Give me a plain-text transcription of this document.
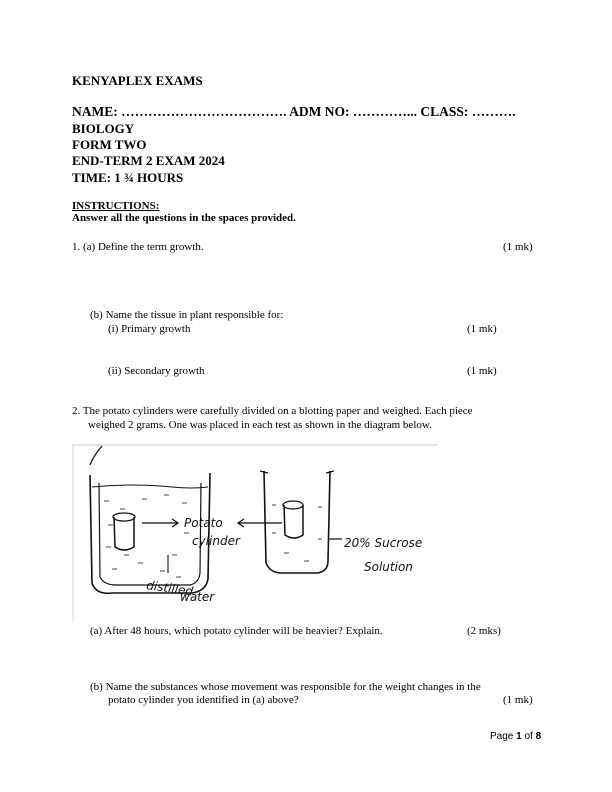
KENYAPLEX EXAMS
NAME: ………………………………. ADM NO: …………... CLASS: ……….
BIOLOGY
FORM TWO
END-TERM 2 EXAM 2024
TIME: 1 ¾ HOURS
INSTRUCTIONS:
Answer all the questions in the spaces provided.
1. (a) Define the term growth.	(1 mk)
(b) Name the tissue in plant responsible for:
(i) Primary growth	(1 mk)
(ii) Secondary growth	(1 mk)
2. The potato cylinders were carefully divided on a blotting paper and weighed. Each piece
weighed 2 grams. One was placed in each test as shown in the diagram below.
Potato
cylinder
distilled
water
20% Sucrose
Solution
(a) After 48 hours, which potato cylinder will be heavier? Explain.	(2 mks)
(b) Name the substances whose movement was responsible for the weight changes in the
potato cylinder you identified in (a) above?	(1 mk)
Page 1 of 8
